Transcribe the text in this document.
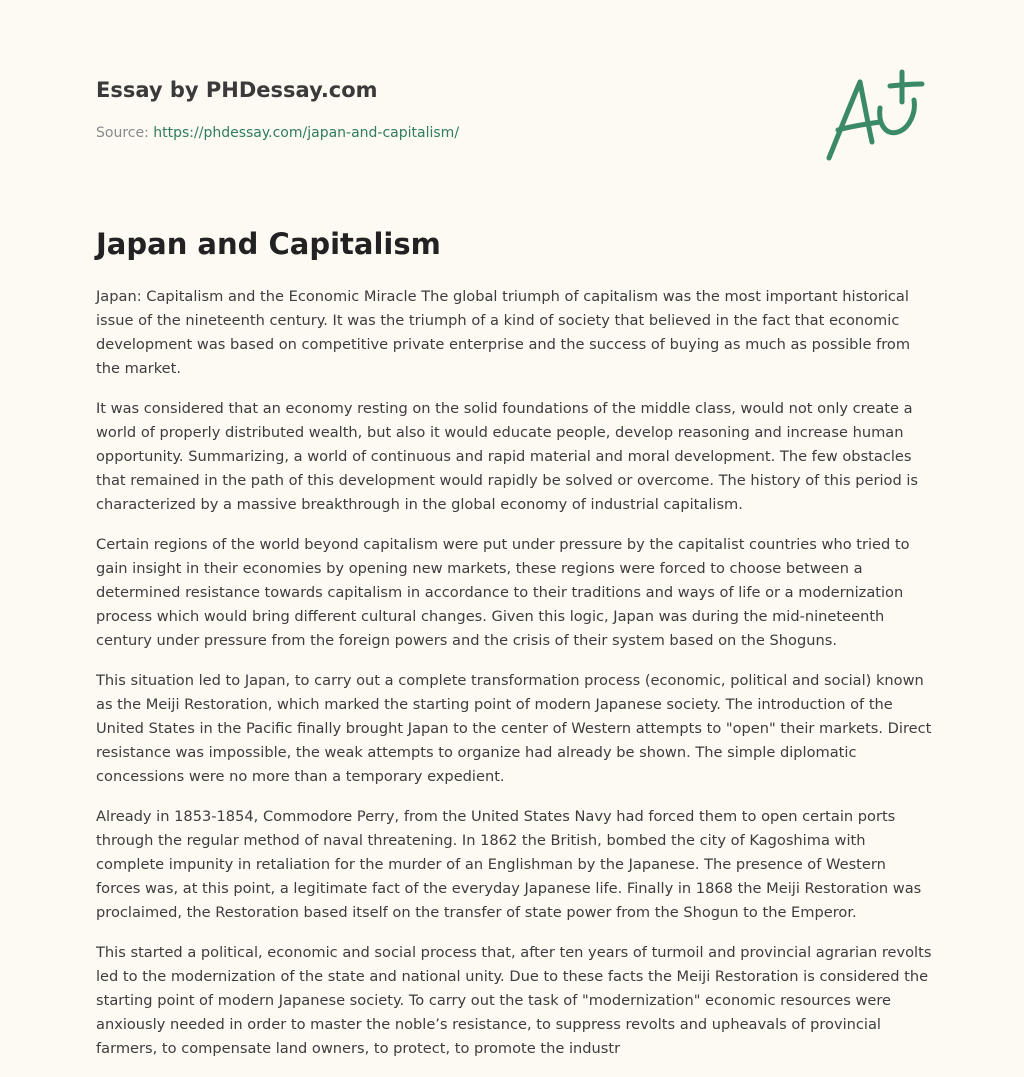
Essay by PHDessay.com
Source: https://phdessay.com/japan-and-capitalism/
Japan and Capitalism

Japan: Capitalism and the Economic Miracle The global triumph of capitalism was the most important historical issue of the nineteenth century. It was the triumph of a kind of society that believed in the fact that economic development was based on competitive private enterprise and the success of buying as much as possible from the market.

It was considered that an economy resting on the solid foundations of the middle class, would not only create a world of properly distributed wealth, but also it would educate people, develop reasoning and increase human opportunity. Summarizing, a world of continuous and rapid material and moral development. The few obstacles that remained in the path of this development would rapidly be solved or overcome. The history of this period is characterized by a massive breakthrough in the global economy of industrial capitalism.

Certain regions of the world beyond capitalism were put under pressure by the capitalist countries who tried to gain insight in their economies by opening new markets, these regions were forced to choose between a determined resistance towards capitalism in accordance to their traditions and ways of life or a modernization process which would bring different cultural changes. Given this logic, Japan was during the mid-nineteenth century under pressure from the foreign powers and the crisis of their system based on the Shoguns.

This situation led to Japan, to carry out a complete transformation process (economic, political and social) known as the Meiji Restoration, which marked the starting point of modern Japanese society. The introduction of the United States in the Pacific finally brought Japan to the center of Western attempts to "open" their markets. Direct resistance was impossible, the weak attempts to organize had already be shown. The simple diplomatic concessions were no more than a temporary expedient.

Already in 1853-1854, Commodore Perry, from the United States Navy had forced them to open certain ports through the regular method of naval threatening. In 1862 the British, bombed the city of Kagoshima with complete impunity in retaliation for the murder of an Englishman by the Japanese. The presence of Western forces was, at this point, a legitimate fact of the everyday Japanese life. Finally in 1868 the Meiji Restoration was proclaimed, the Restoration based itself on the transfer of state power from the Shogun to the Emperor.

This started a political, economic and social process that, after ten years of turmoil and provincial agrarian revolts led to the modernization of the state and national unity. Due to these facts the Meiji Restoration is considered the starting point of modern Japanese society. To carry out the task of "modernization" economic resources were anxiously needed in order to master the noble’s resistance, to suppress revolts and upheavals of provincial farmers, to compensate land owners, to protect, to promote the industr
